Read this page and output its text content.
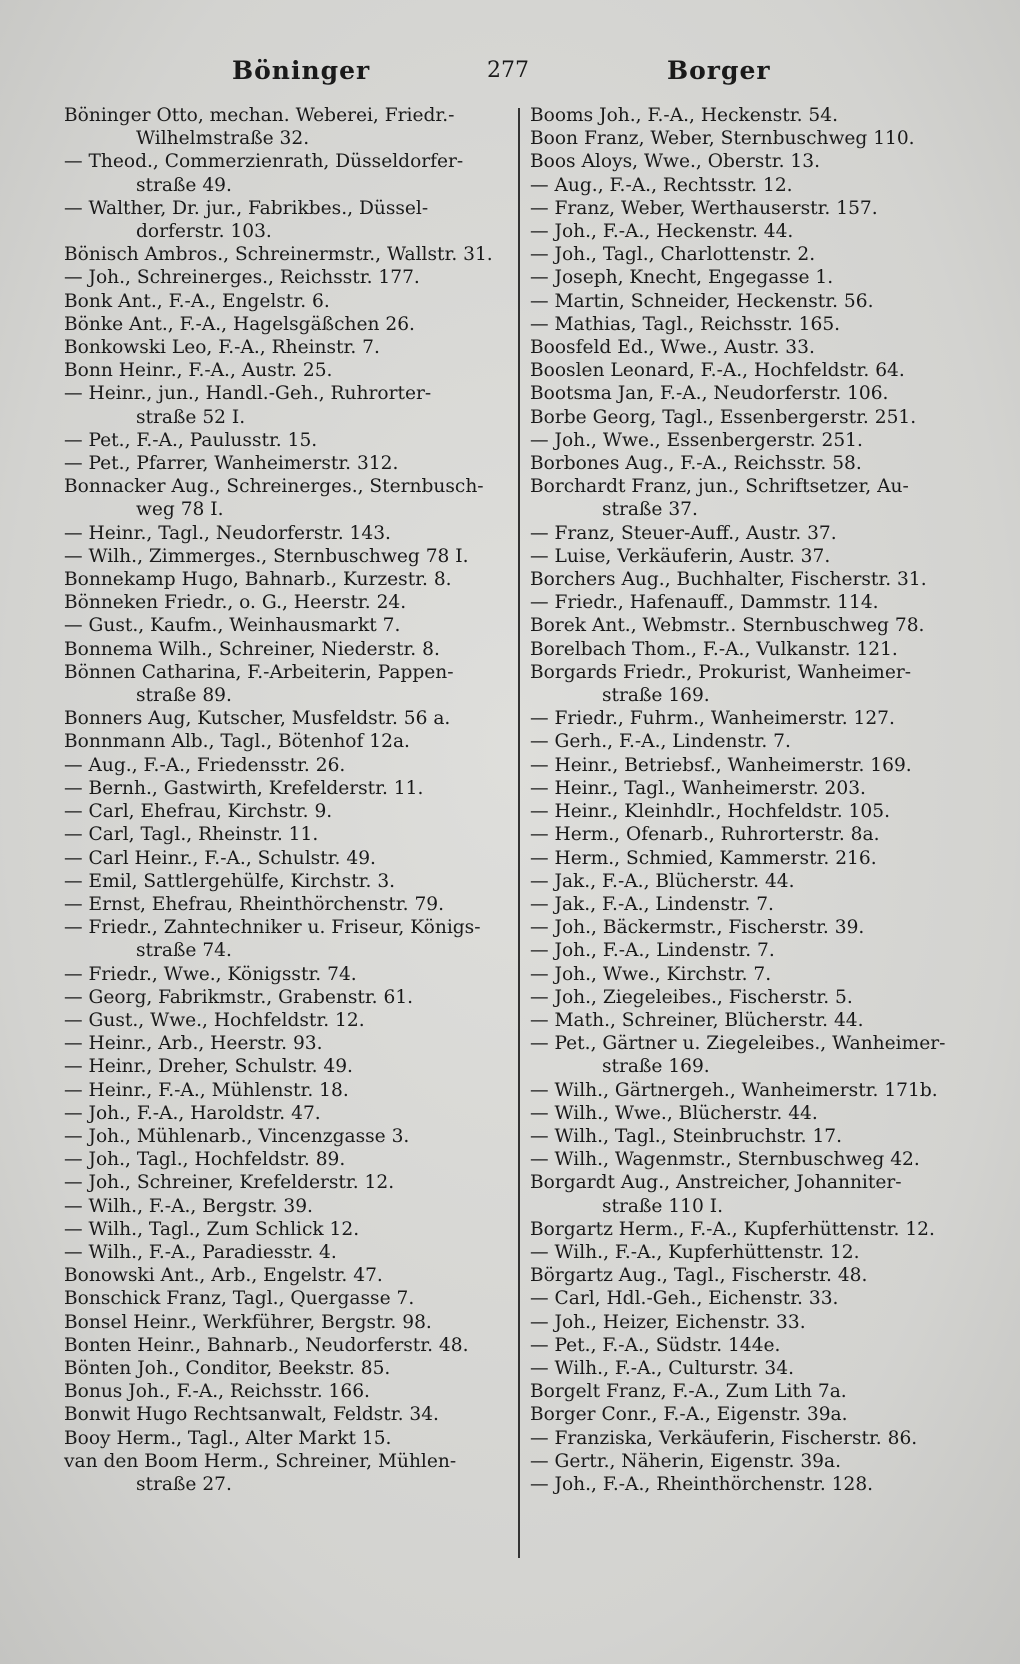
Böninger	277	Borger
Böninger Otto, mechan. Weberei, Friedr.-
Wilhelmstraße 32.
— Theod., Commerzienrath, Düsseldorfer-
straße 49.
— Walther, Dr. jur., Fabrikbes., Düssel-
dorferstr. 103.
Bönisch Ambros., Schreinermstr., Wallstr. 31.
— Joh., Schreinerges., Reichsstr. 177.
Bonk Ant., F.-A., Engelstr. 6.
Bönke Ant., F.-A., Hagelsgäßchen 26.
Bonkowski Leo, F.-A., Rheinstr. 7.
Bonn Heinr., F.-A., Austr. 25.
— Heinr., jun., Handl.-Geh., Ruhrorter-
straße 52 I.
— Pet., F.-A., Paulusstr. 15.
— Pet., Pfarrer, Wanheimerstr. 312.
Bonnacker Aug., Schreinerges., Sternbusch-
weg 78 I.
— Heinr., Tagl., Neudorferstr. 143.
— Wilh., Zimmerges., Sternbuschweg 78 I.
Bonnekamp Hugo, Bahnarb., Kurzestr. 8.
Bönneken Friedr., o. G., Heerstr. 24.
— Gust., Kaufm., Weinhausmarkt 7.
Bonnema Wilh., Schreiner, Niederstr. 8.
Bönnen Catharina, F.-Arbeiterin, Pappen-
straße 89.
Bonners Aug, Kutscher, Musfeldstr. 56 a.
Bonnmann Alb., Tagl., Bötenhof 12a.
— Aug., F.-A., Friedensstr. 26.
— Bernh., Gastwirth, Krefelderstr. 11.
— Carl, Ehefrau, Kirchstr. 9.
— Carl, Tagl., Rheinstr. 11.
— Carl Heinr., F.-A., Schulstr. 49.
— Emil, Sattlergehülfe, Kirchstr. 3.
— Ernst, Ehefrau, Rheinthörchenstr. 79.
— Friedr., Zahntechniker u. Friseur, Königs-
straße 74.
— Friedr., Wwe., Königsstr. 74.
— Georg, Fabrikmstr., Grabenstr. 61.
— Gust., Wwe., Hochfeldstr. 12.
— Heinr., Arb., Heerstr. 93.
— Heinr., Dreher, Schulstr. 49.
— Heinr., F.-A., Mühlenstr. 18.
— Joh., F.-A., Haroldstr. 47.
— Joh., Mühlenarb., Vincenzgasse 3.
— Joh., Tagl., Hochfeldstr. 89.
— Joh., Schreiner, Krefelderstr. 12.
— Wilh., F.-A., Bergstr. 39.
— Wilh., Tagl., Zum Schlick 12.
— Wilh., F.-A., Paradiesstr. 4.
Bonowski Ant., Arb., Engelstr. 47.
Bonschick Franz, Tagl., Quergasse 7.
Bonsel Heinr., Werkführer, Bergstr. 98.
Bonten Heinr., Bahnarb., Neudorferstr. 48.
Bönten Joh., Conditor, Beekstr. 85.
Bonus Joh., F.-A., Reichsstr. 166.
Bonwit Hugo Rechtsanwalt, Feldstr. 34.
Booy Herm., Tagl., Alter Markt 15.
van den Boom Herm., Schreiner, Mühlen-
straße 27.
Booms Joh., F.-A., Heckenstr. 54.
Boon Franz, Weber, Sternbuschweg 110.
Boos Aloys, Wwe., Oberstr. 13.
— Aug., F.-A., Rechtsstr. 12.
— Franz, Weber, Werthauserstr. 157.
— Joh., F.-A., Heckenstr. 44.
— Joh., Tagl., Charlottenstr. 2.
— Joseph, Knecht, Engegasse 1.
— Martin, Schneider, Heckenstr. 56.
— Mathias, Tagl., Reichsstr. 165.
Boosfeld Ed., Wwe., Austr. 33.
Booslen Leonard, F.-A., Hochfeldstr. 64.
Bootsma Jan, F.-A., Neudorferstr. 106.
Borbe Georg, Tagl., Essenbergerstr. 251.
— Joh., Wwe., Essenbergerstr. 251.
Borbones Aug., F.-A., Reichsstr. 58.
Borchardt Franz, jun., Schriftsetzer, Au-
straße 37.
— Franz, Steuer-Auff., Austr. 37.
— Luise, Verkäuferin, Austr. 37.
Borchers Aug., Buchhalter, Fischerstr. 31.
— Friedr., Hafenauff., Dammstr. 114.
Borek Ant., Webmstr.. Sternbuschweg 78.
Borelbach Thom., F.-A., Vulkanstr. 121.
Borgards Friedr., Prokurist, Wanheimer-
straße 169.
— Friedr., Fuhrm., Wanheimerstr. 127.
— Gerh., F.-A., Lindenstr. 7.
— Heinr., Betriebsf., Wanheimerstr. 169.
— Heinr., Tagl., Wanheimerstr. 203.
— Heinr., Kleinhdlr., Hochfeldstr. 105.
— Herm., Ofenarb., Ruhrorterstr. 8a.
— Herm., Schmied, Kammerstr. 216.
— Jak., F.-A., Blücherstr. 44.
— Jak., F.-A., Lindenstr. 7.
— Joh., Bäckermstr., Fischerstr. 39.
— Joh., F.-A., Lindenstr. 7.
— Joh., Wwe., Kirchstr. 7.
— Joh., Ziegeleibes., Fischerstr. 5.
— Math., Schreiner, Blücherstr. 44.
— Pet., Gärtner u. Ziegeleibes., Wanheimer-
straße 169.
— Wilh., Gärtnergeh., Wanheimerstr. 171b.
— Wilh., Wwe., Blücherstr. 44.
— Wilh., Tagl., Steinbruchstr. 17.
— Wilh., Wagenmstr., Sternbuschweg 42.
Borgardt Aug., Anstreicher, Johanniter-
straße 110 I.
Borgartz Herm., F.-A., Kupferhüttenstr. 12.
— Wilh., F.-A., Kupferhüttenstr. 12.
Börgartz Aug., Tagl., Fischerstr. 48.
— Carl, Hdl.-Geh., Eichenstr. 33.
— Joh., Heizer, Eichenstr. 33.
— Pet., F.-A., Südstr. 144e.
— Wilh., F.-A., Culturstr. 34.
Borgelt Franz, F.-A., Zum Lith 7a.
Borger Conr., F.-A., Eigenstr. 39a.
— Franziska, Verkäuferin, Fischerstr. 86.
— Gertr., Näherin, Eigenstr. 39a.
— Joh., F.-A., Rheinthörchenstr. 128.
